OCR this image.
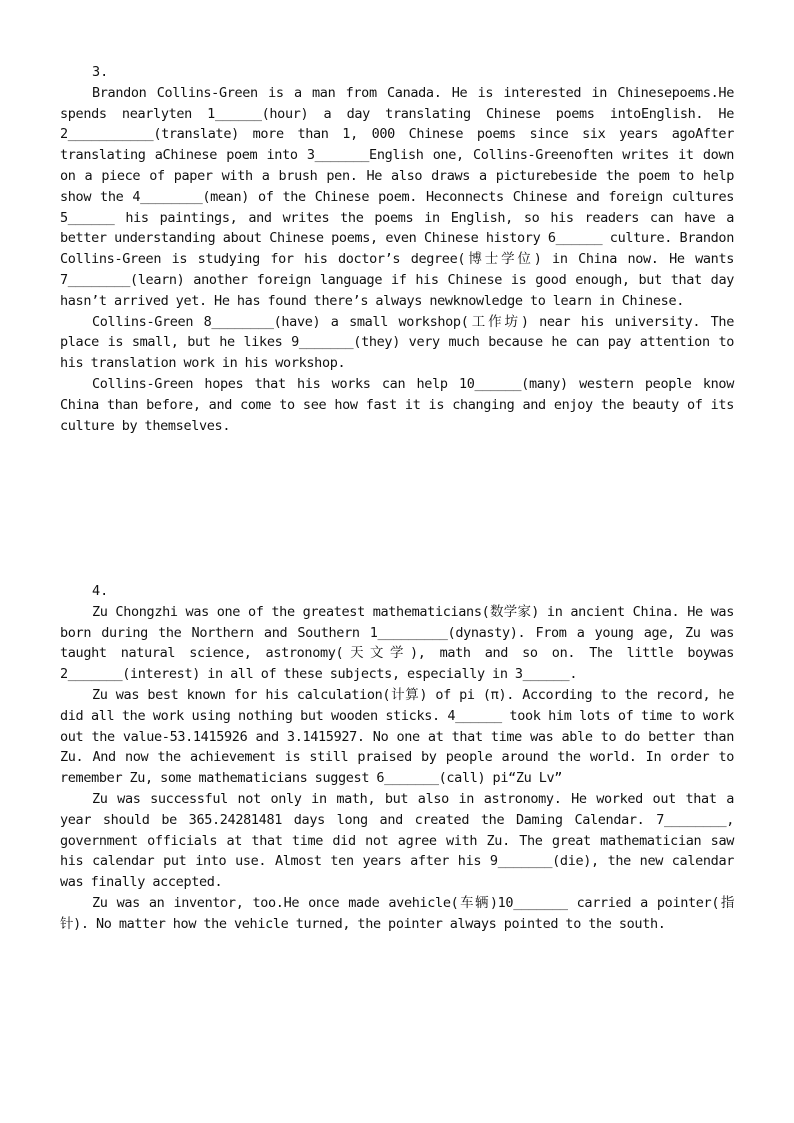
3.

Brandon Collins-Green is a man from Canada. He is interested in Chinesepoems.He spends nearlyten 1______(hour) a day translating Chinese poems intoEnglish. He 2___________(translate) more than 1, 000 Chinese poems since six years agoAfter translating aChinese poem into 3_______English one, Collins-Greenoften writes it down on a piece of paper with a brush pen. He also draws a picturebeside the poem to help show the 4________(mean) of the Chinese poem. Heconnects Chinese and foreign cultures 5______ his paintings, and writes the poems in English, so his readers can have a better understanding about Chinese poems, even Chinese history 6______ culture. Brandon Collins-Green is studying for his doctor’s degree(博士学位) in China now. He wants 7________(learn) another foreign language if his Chinese is good enough, but that day hasn’t arrived yet. He has found there’s always newknowledge to learn in Chinese.

Collins-Green 8________(have) a small workshop(工作坊) near his university. The place is small, but he likes 9_______(they) very much because he can pay attention to his translation work in his workshop.

Collins-Green hopes that his works can help 10______(many) western people know China than before, and come to see how fast it is changing and enjoy the beauty of its culture by themselves.

4.

Zu Chongzhi was one of the greatest mathematicians(数学家) in ancient China. He was born during the Northern and Southern 1_________(dynasty). From a young age, Zu was taught natural science, astronomy(天文学), math and so on. The little boywas 2_______(interest) in all of these subjects, especially in 3______.

Zu was best known for his calculation(计算) of pi (π). According to the record, he did all the work using nothing but wooden sticks. 4______ took him lots of time to work out the value-53.1415926 and 3.1415927. No one at that time was able to do better than Zu. And now the achievement is still praised by people around the world. In order to remember Zu, some mathematicians suggest 6_______(call) pi“Zu Lv”

Zu was successful not only in math, but also in astronomy. He worked out that a year should be 365.24281481 days long and created the Daming Calendar. 7________, government officials at that time did not agree with Zu. The great mathematician saw his calendar put into use. Almost ten years after his 9_______(die), the new calendar was finally accepted.

Zu was an inventor, too.He once made avehicle(车辆)10_______ carried a pointer(指针). No matter how the vehicle turned, the pointer always pointed to the south.
